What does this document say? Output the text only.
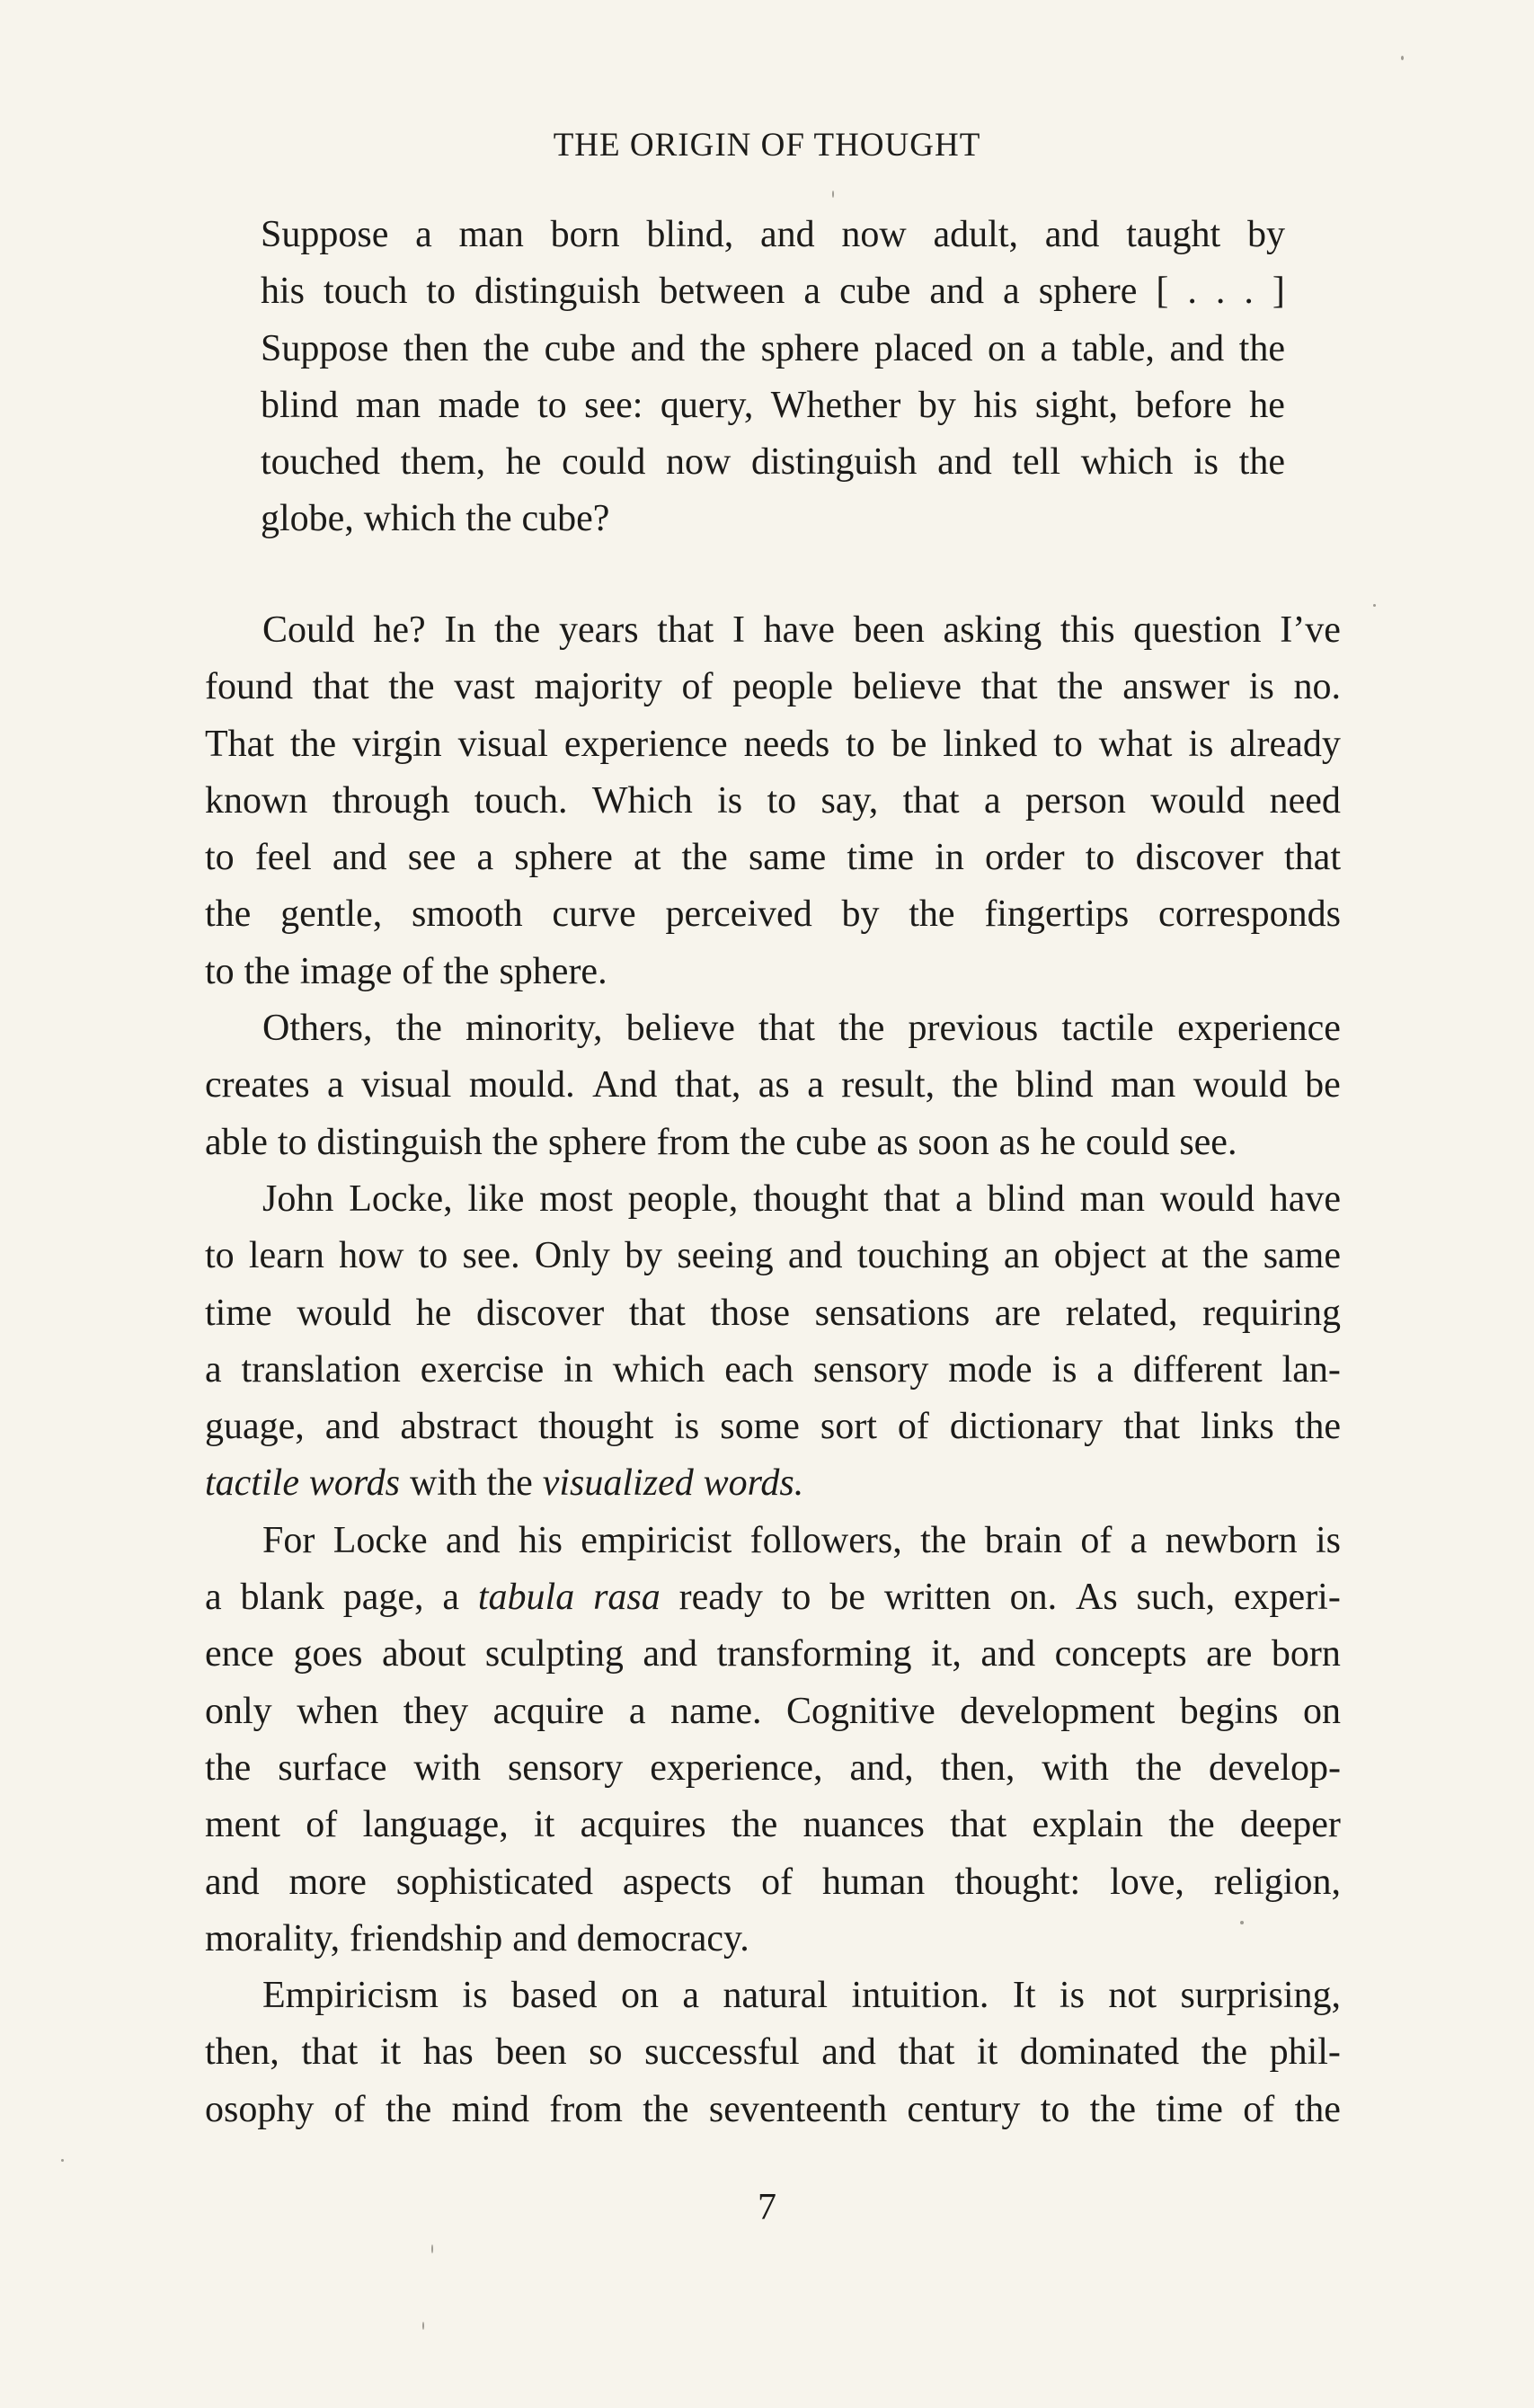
THE ORIGIN OF THOUGHT
Suppose a man born blind, and now adult, and taught by
his touch to distinguish between a cube and a sphere [ . . . ]
Suppose then the cube and the sphere placed on a table, and the
blind man made to see: query, Whether by his sight, before he
touched them, he could now distinguish and tell which is the
globe, which the cube?
Could he? In the years that I have been asking this question I’ve
found that the vast majority of people believe that the answer is no.
That the virgin visual experience needs to be linked to what is already
known through touch. Which is to say, that a person would need
to feel and see a sphere at the same time in order to discover that
the gentle, smooth curve perceived by the fingertips corresponds
to the image of the sphere.
Others, the minority, believe that the previous tactile experience
creates a visual mould. And that, as a result, the blind man would be
able to distinguish the sphere from the cube as soon as he could see.
John Locke, like most people, thought that a blind man would have
to learn how to see. Only by seeing and touching an object at the same
time would he discover that those sensations are related, requiring
a translation exercise in which each sensory mode is a different lan-
guage, and abstract thought is some sort of dictionary that links the
tactile words with the visualized words.
For Locke and his empiricist followers, the brain of a newborn is
a blank page, a tabula rasa ready to be written on. As such, experi-
ence goes about sculpting and transforming it, and concepts are born
only when they acquire a name. Cognitive development begins on
the surface with sensory experience, and, then, with the develop-
ment of language, it acquires the nuances that explain the deeper
and more sophisticated aspects of human thought: love, religion,
morality, friendship and democracy.
Empiricism is based on a natural intuition. It is not surprising,
then, that it has been so successful and that it dominated the phil-
osophy of the mind from the seventeenth century to the time of the
7
